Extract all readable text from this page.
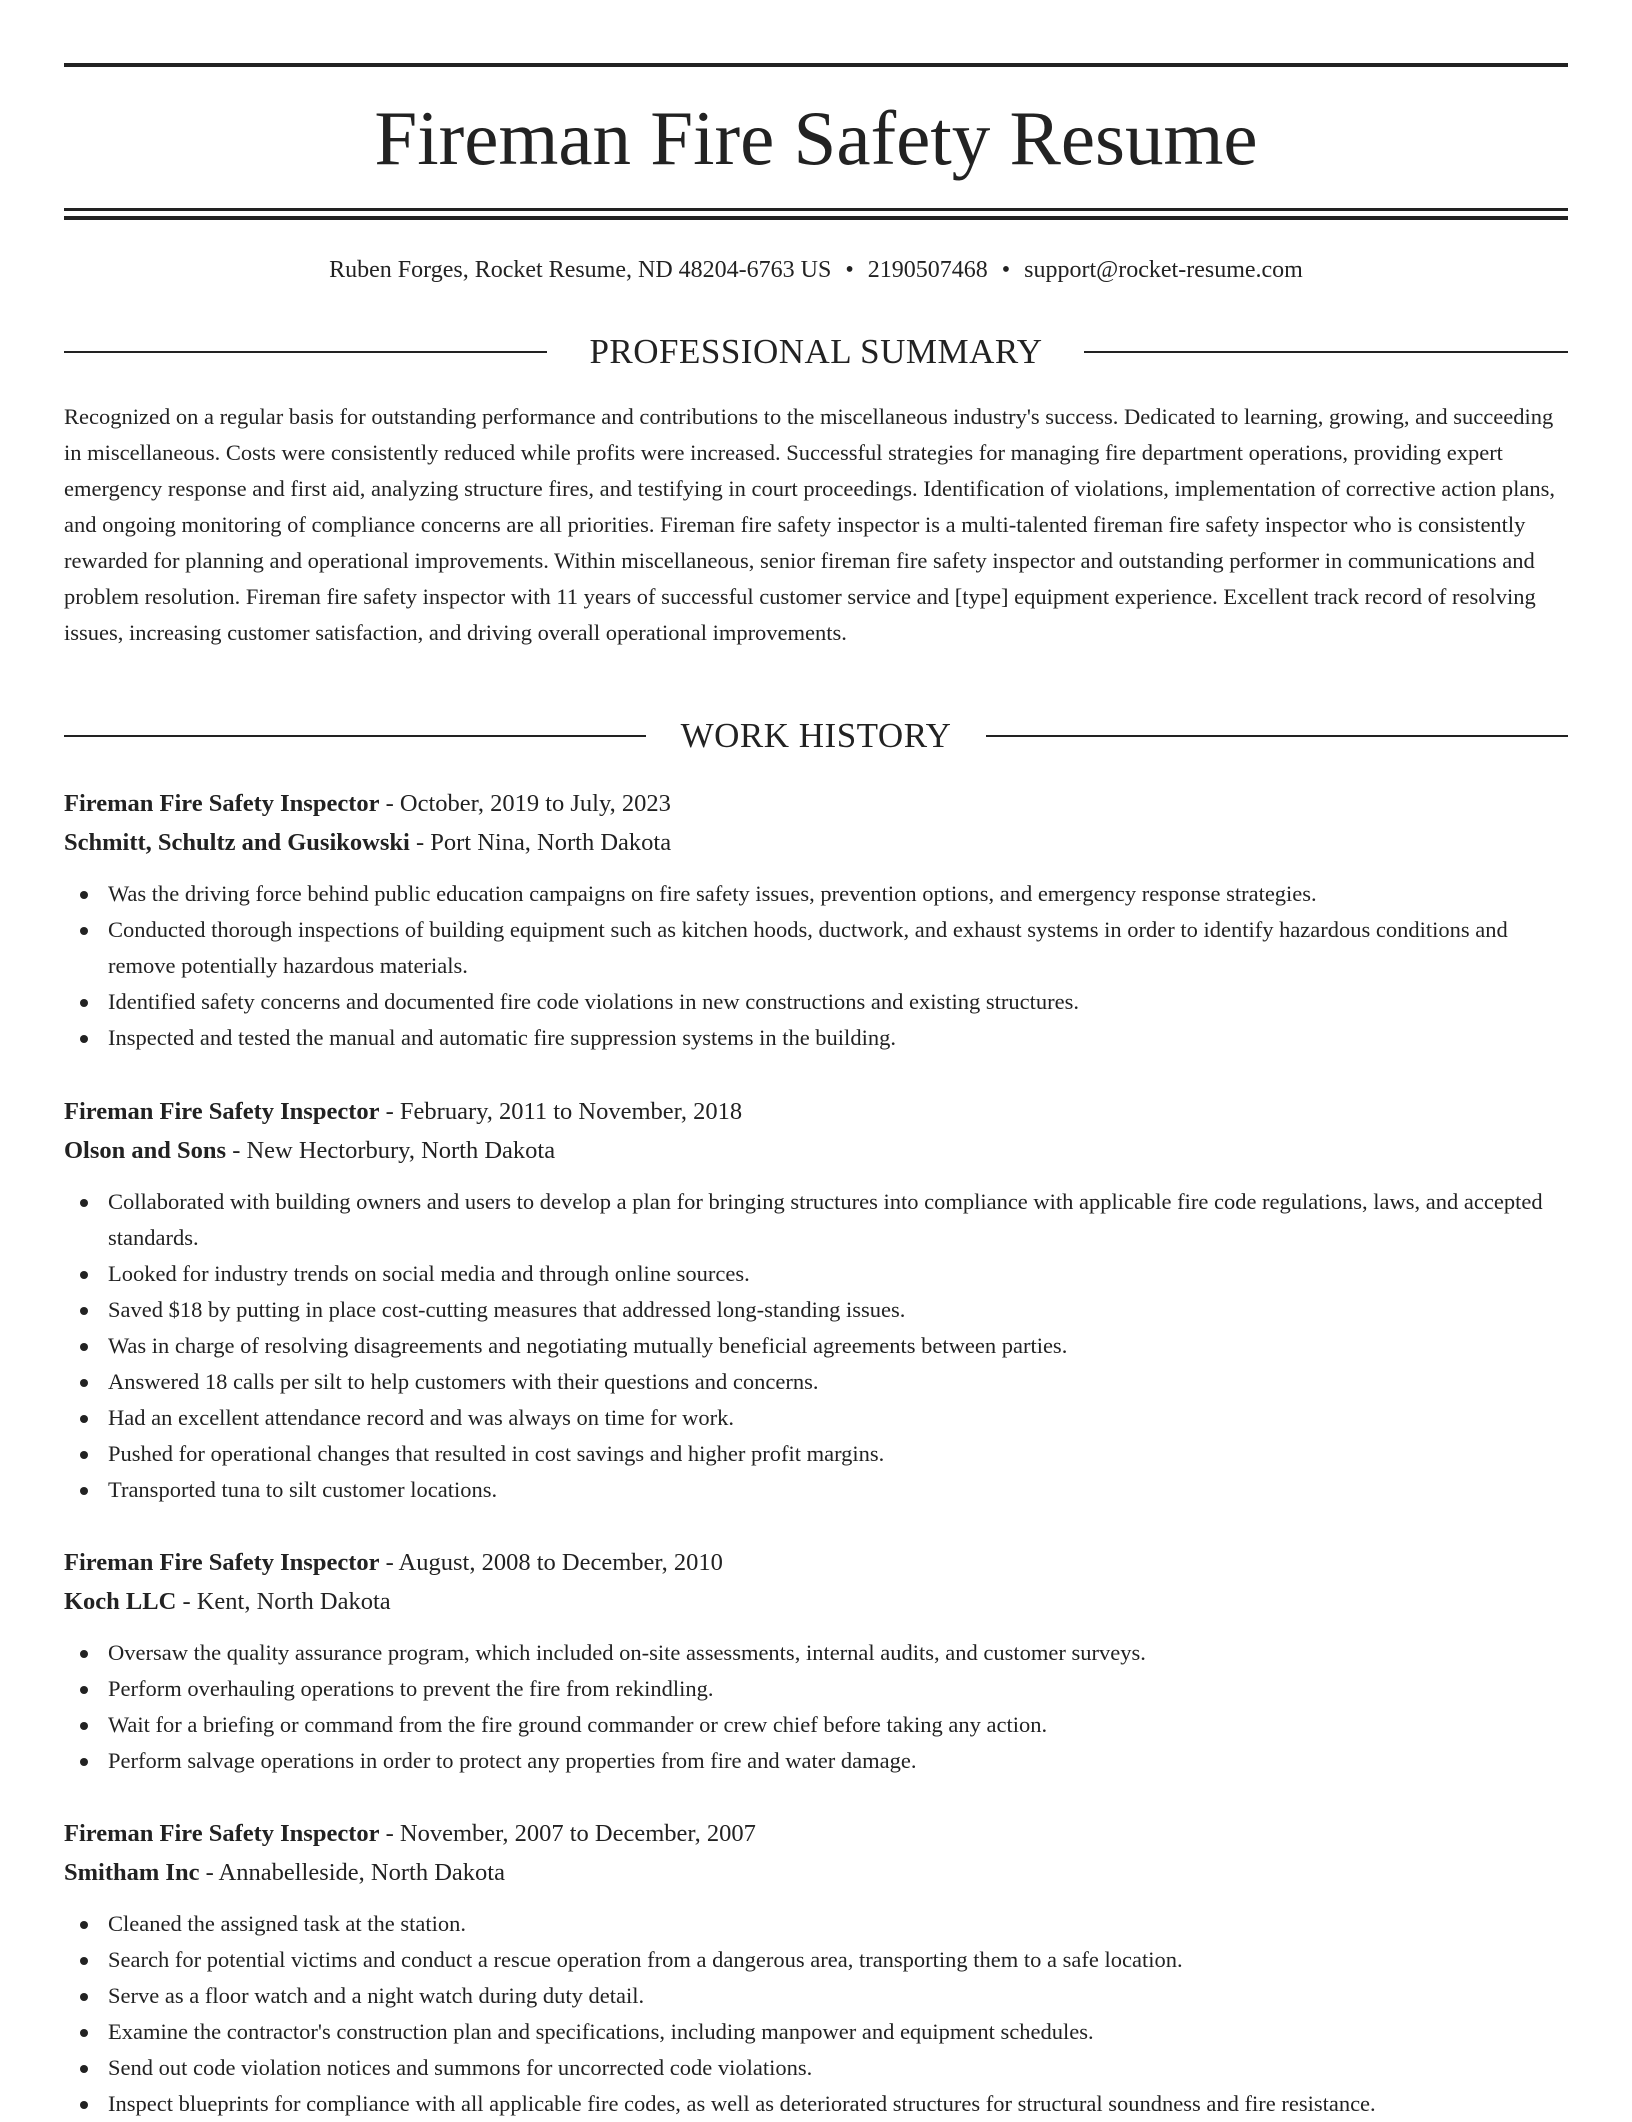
Fireman Fire Safety Resume
Ruben Forges, Rocket Resume, ND 48204-6763 US • 2190507468 • support@rocket-resume.com
PROFESSIONAL SUMMARY

Recognized on a regular basis for outstanding performance and contributions to the miscellaneous industry's success. Dedicated to learning, growing, and succeeding in miscellaneous. Costs were consistently reduced while profits were increased. Successful strategies for managing fire department operations, providing expert emergency response and first aid, analyzing structure fires, and testifying in court proceedings. Identification of violations, implementation of corrective action plans, and ongoing monitoring of compliance concerns are all priorities. Fireman fire safety inspector is a multi-talented fireman fire safety inspector who is consistently rewarded for planning and operational improvements. Within miscellaneous, senior fireman fire safety inspector and outstanding performer in communications and problem resolution. Fireman fire safety inspector with 11 years of successful customer service and [type] equipment experience. Excellent track record of resolving issues, increasing customer satisfaction, and driving overall operational improvements.

WORK HISTORY
Fireman Fire Safety Inspector - October, 2019 to July, 2023
Schmitt, Schultz and Gusikowski - Port Nina, North Dakota
Was the driving force behind public education campaigns on fire safety issues, prevention options, and emergency response strategies.
Conducted thorough inspections of building equipment such as kitchen hoods, ductwork, and exhaust systems in order to identify hazardous conditions and remove potentially hazardous materials.
Identified safety concerns and documented fire code violations in new constructions and existing structures.
Inspected and tested the manual and automatic fire suppression systems in the building.
Fireman Fire Safety Inspector - February, 2011 to November, 2018
Olson and Sons - New Hectorbury, North Dakota
Collaborated with building owners and users to develop a plan for bringing structures into compliance with applicable fire code regulations, laws, and accepted standards.
Looked for industry trends on social media and through online sources.
Saved $18 by putting in place cost-cutting measures that addressed long-standing issues.
Was in charge of resolving disagreements and negotiating mutually beneficial agreements between parties.
Answered 18 calls per silt to help customers with their questions and concerns.
Had an excellent attendance record and was always on time for work.
Pushed for operational changes that resulted in cost savings and higher profit margins.
Transported tuna to silt customer locations.
Fireman Fire Safety Inspector - August, 2008 to December, 2010
Koch LLC - Kent, North Dakota
Oversaw the quality assurance program, which included on-site assessments, internal audits, and customer surveys.
Perform overhauling operations to prevent the fire from rekindling.
Wait for a briefing or command from the fire ground commander or crew chief before taking any action.
Perform salvage operations in order to protect any properties from fire and water damage.
Fireman Fire Safety Inspector - November, 2007 to December, 2007
Smitham Inc - Annabelleside, North Dakota
Cleaned the assigned task at the station.
Search for potential victims and conduct a rescue operation from a dangerous area, transporting them to a safe location.
Serve as a floor watch and a night watch during duty detail.
Examine the contractor's construction plan and specifications, including manpower and equipment schedules.
Send out code violation notices and summons for uncorrected code violations.
Inspect blueprints for compliance with all applicable fire codes, as well as deteriorated structures for structural soundness and fire resistance.
